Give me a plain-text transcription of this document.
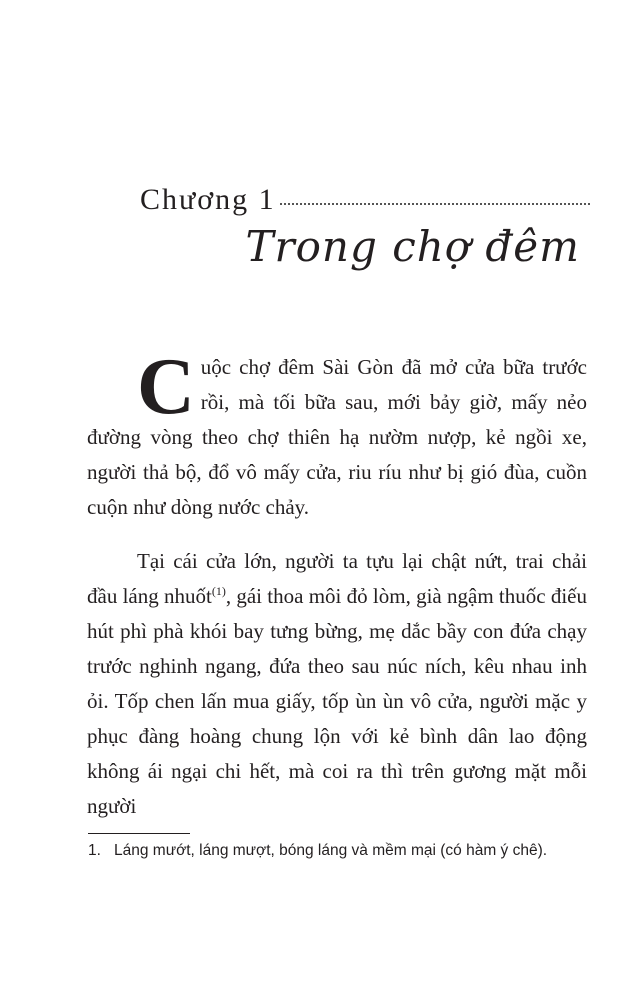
Chương 1
Trong chợ đêm

Cuộc chợ đêm Sài Gòn đã mở cửa bữa trước rồi, mà tối bữa sau, mới bảy giờ, mấy nẻo đường vòng theo chợ thiên hạ nườm nượp, kẻ ngồi xe, người thả bộ, đổ vô mấy cửa, riu ríu như bị gió đùa, cuồn cuộn như dòng nước chảy.

Tại cái cửa lớn, người ta tựu lại chật nứt, trai chải đầu láng nhuốt$^{(1)}$, gái thoa môi đỏ lòm, già ngậm thuốc điếu hút phì phà khói bay tưng bừng, mẹ dắc bầy con đứa chạy trước nghinh ngang, đứa theo sau núc ních, kêu nhau inh ỏi. Tốp chen lấn mua giấy, tốp ùn ùn vô cửa, người mặc y phục đàng hoàng chung lộn với kẻ bình dân lao động không ái ngại chi hết, mà coi ra thì trên gương mặt mỗi người

1. Láng mướt, láng mượt, bóng láng và mềm mại (có hàm ý chê).
